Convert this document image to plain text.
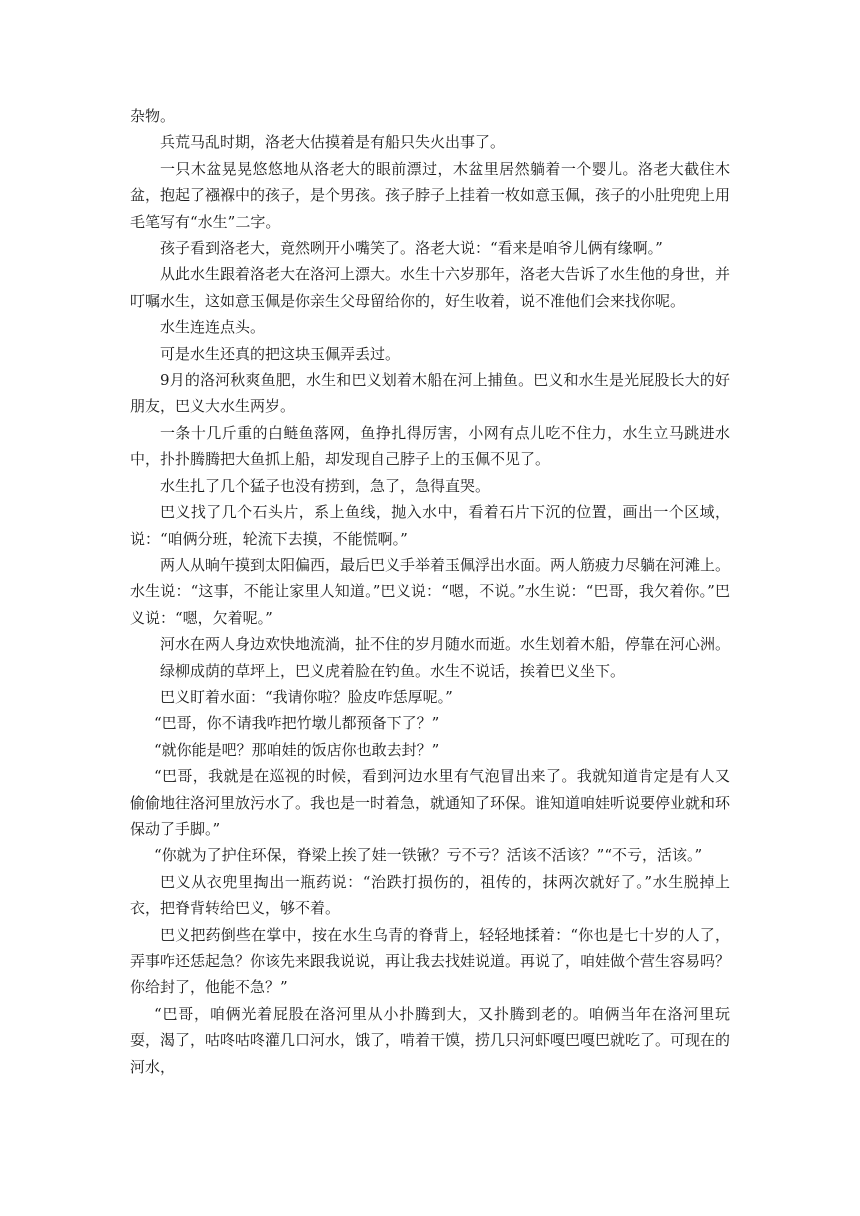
杂物。

兵荒马乱时期，洛老大估摸着是有船只失火出事了。

一只木盆晃晃悠悠地从洛老大的眼前漂过，木盆里居然躺着一个婴儿。洛老大截住木盆，抱起了襁褓中的孩子，是个男孩。孩子脖子上挂着一枚如意玉佩，孩子的小肚兜兜上用毛笔写有“水生”二字。

孩子看到洛老大，竟然咧开小嘴笑了。洛老大说：“看来是咱爷儿俩有缘啊。”

从此水生跟着洛老大在洛河上漂大。水生十六岁那年，洛老大告诉了水生他的身世，并叮嘱水生，这如意玉佩是你亲生父母留给你的，好生收着，说不准他们会来找你呢。

水生连连点头。

可是水生还真的把这块玉佩弄丢过。

9月的洛河秋爽鱼肥，水生和巴义划着木船在河上捕鱼。巴义和水生是光屁股长大的好朋友，巴义大水生两岁。

一条十几斤重的白鲢鱼落网，鱼挣扎得厉害，小网有点儿吃不住力，水生立马跳进水中，扑扑腾腾把大鱼抓上船，却发现自己脖子上的玉佩不见了。

水生扎了几个猛子也没有捞到，急了，急得直哭。

巴义找了几个石头片，系上鱼线，抛入水中，看着石片下沉的位置，画出一个区域，说：“咱俩分班，轮流下去摸，不能慌啊。”

两人从晌午摸到太阳偏西，最后巴义手举着玉佩浮出水面。两人筋疲力尽躺在河滩上。水生说：“这事，不能让家里人知道。”巴义说：“嗯，不说。”水生说：“巴哥，我欠着你。”巴义说：“嗯，欠着呢。”

河水在两人身边欢快地流淌，扯不住的岁月随水而逝。水生划着木船，停靠在河心洲。

绿柳成荫的草坪上，巴义虎着脸在钓鱼。水生不说话，挨着巴义坐下。

巴义盯着水面：“我请你啦？脸皮咋恁厚呢。”

“巴哥，你不请我咋把竹墩儿都预备下了？”

“就你能是吧？那咱娃的饭店你也敢去封？”

“巴哥，我就是在巡视的时候，看到河边水里有气泡冒出来了。我就知道肯定是有人又偷偷地往洛河里放污水了。我也是一时着急，就通知了环保。谁知道咱娃听说要停业就和环保动了手脚。”

“你就为了护住环保，脊梁上挨了娃一铁锹？亏不亏？活该不活该？”“不亏，活该。”

巴义从衣兜里掏出一瓶药说：“治跌打损伤的，祖传的，抹两次就好了。”水生脱掉上衣，把脊背转给巴义，够不着。

巴义把药倒些在掌中，按在水生乌青的脊背上，轻轻地揉着：“你也是七十岁的人了，弄事咋还恁起急？你该先来跟我说说，再让我去找娃说道。再说了，咱娃做个营生容易吗？你给封了，他能不急？”

“巴哥，咱俩光着屁股在洛河里从小扑腾到大，又扑腾到老的。咱俩当年在洛河里玩耍，渴了，咕咚咕咚灌几口河水，饿了，啃着干馍，捞几只河虾嘎巴嘎巴就吃了。可现在的河水，
